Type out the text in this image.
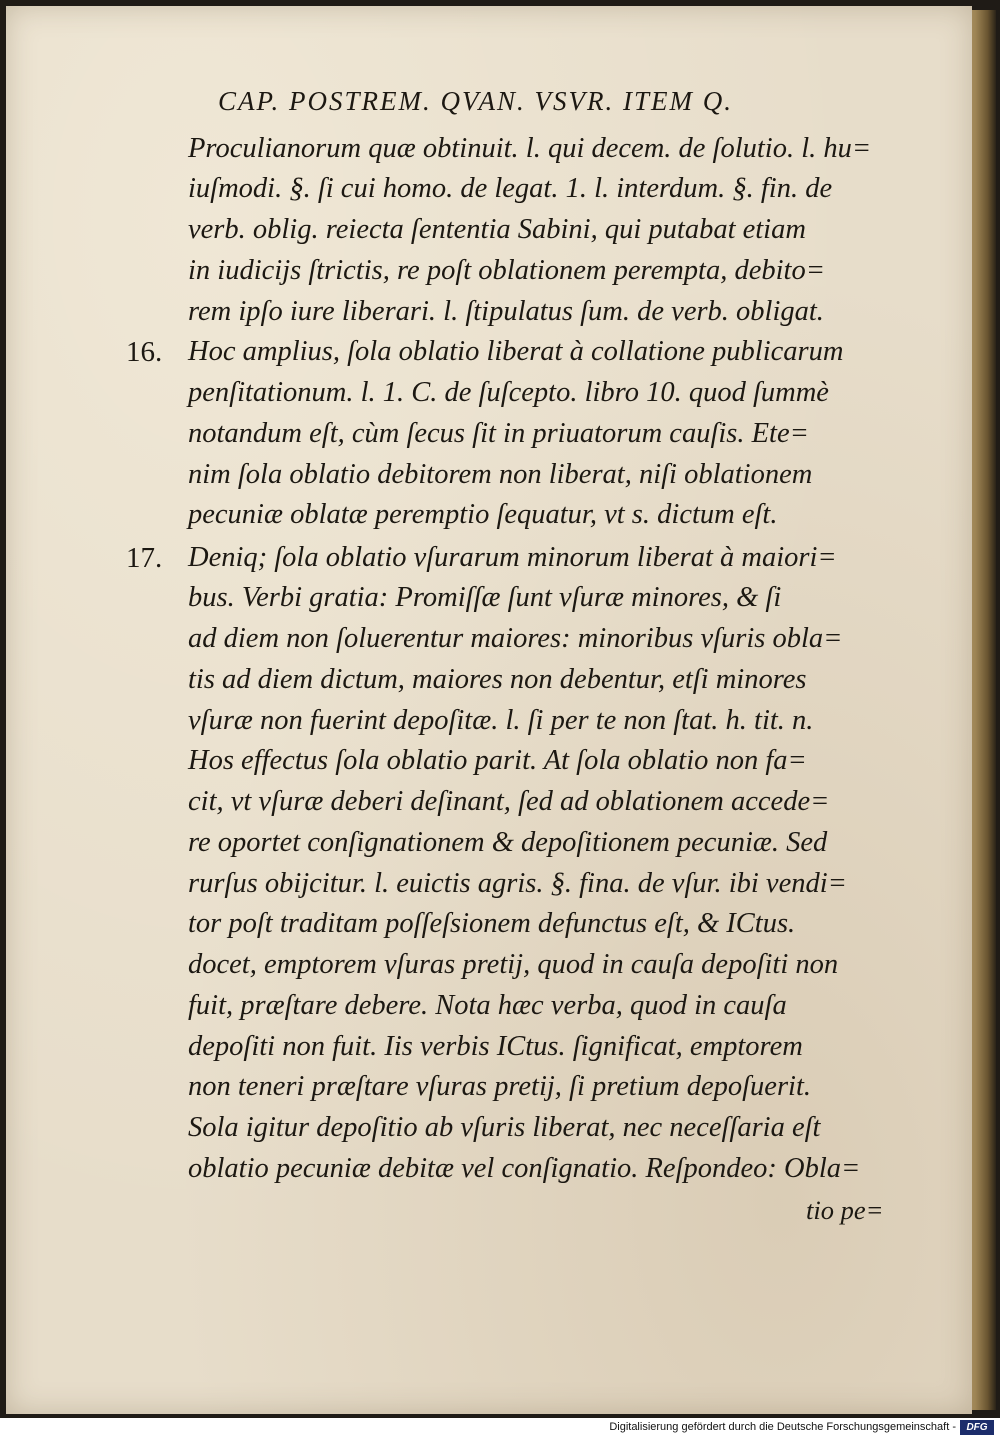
CAP. POSTREM. QVAN. VSVR. ITEM Q.
16.
17.
Proculianorum quæ obtinuit. l. qui decem. de ſolutio. l. hu=
iuſmodi. §. ſi cui homo. de legat. 1. l. interdum. §. fin. de
verb. oblig. reiecta ſententia Sabini, qui putabat etiam
in iudicijs ſtrictis, re poſt oblationem perempta, debito=
rem ipſo iure liberari. l. ſtipulatus ſum. de verb. obligat.
Hoc amplius, ſola oblatio liberat à collatione publicarum
penſitationum. l. 1. C. de ſuſcepto. libro 10. quod ſummè
notandum eſt, cùm ſecus ſit in priuatorum cauſis. Ete=
nim ſola oblatio debitorem non liberat, niſi oblationem
pecuniæ oblatæ peremptio ſequatur, vt s. dictum eſt.
Deniq; ſola oblatio vſurarum minorum liberat à maiori=
bus. Verbi gratia: Promiſſæ ſunt vſuræ minores, & ſi
ad diem non ſoluerentur maiores: minoribus vſuris obla=
tis ad diem dictum, maiores non debentur, etſi minores
vſuræ non fuerint depoſitæ. l. ſi per te non ſtat. h. tit. n.
Hos effectus ſola oblatio parit. At ſola oblatio non fa=
cit, vt vſuræ deberi deſinant, ſed ad oblationem accede=
re oportet conſignationem & depoſitionem pecuniæ. Sed
rurſus obijcitur. l. euictis agris. §. fina. de vſur. ibi vendi=
tor poſt traditam poſſeſsionem defunctus eſt, & ICtus.
docet, emptorem vſuras pretij, quod in cauſa depoſiti non
fuit, præſtare debere. Nota hæc verba, quod in cauſa
depoſiti non fuit. Iis verbis ICtus. ſignificat, emptorem
non teneri præſtare vſuras pretij, ſi pretium depoſuerit.
Sola igitur depoſitio ab vſuris liberat, nec neceſſaria eſt
oblatio pecuniæ debitæ vel conſignatio. Reſpondeo: Obla=
tio pe=
Digitalisierung gefördert durch die Deutsche Forschungsgemeinschaft -	DFG
